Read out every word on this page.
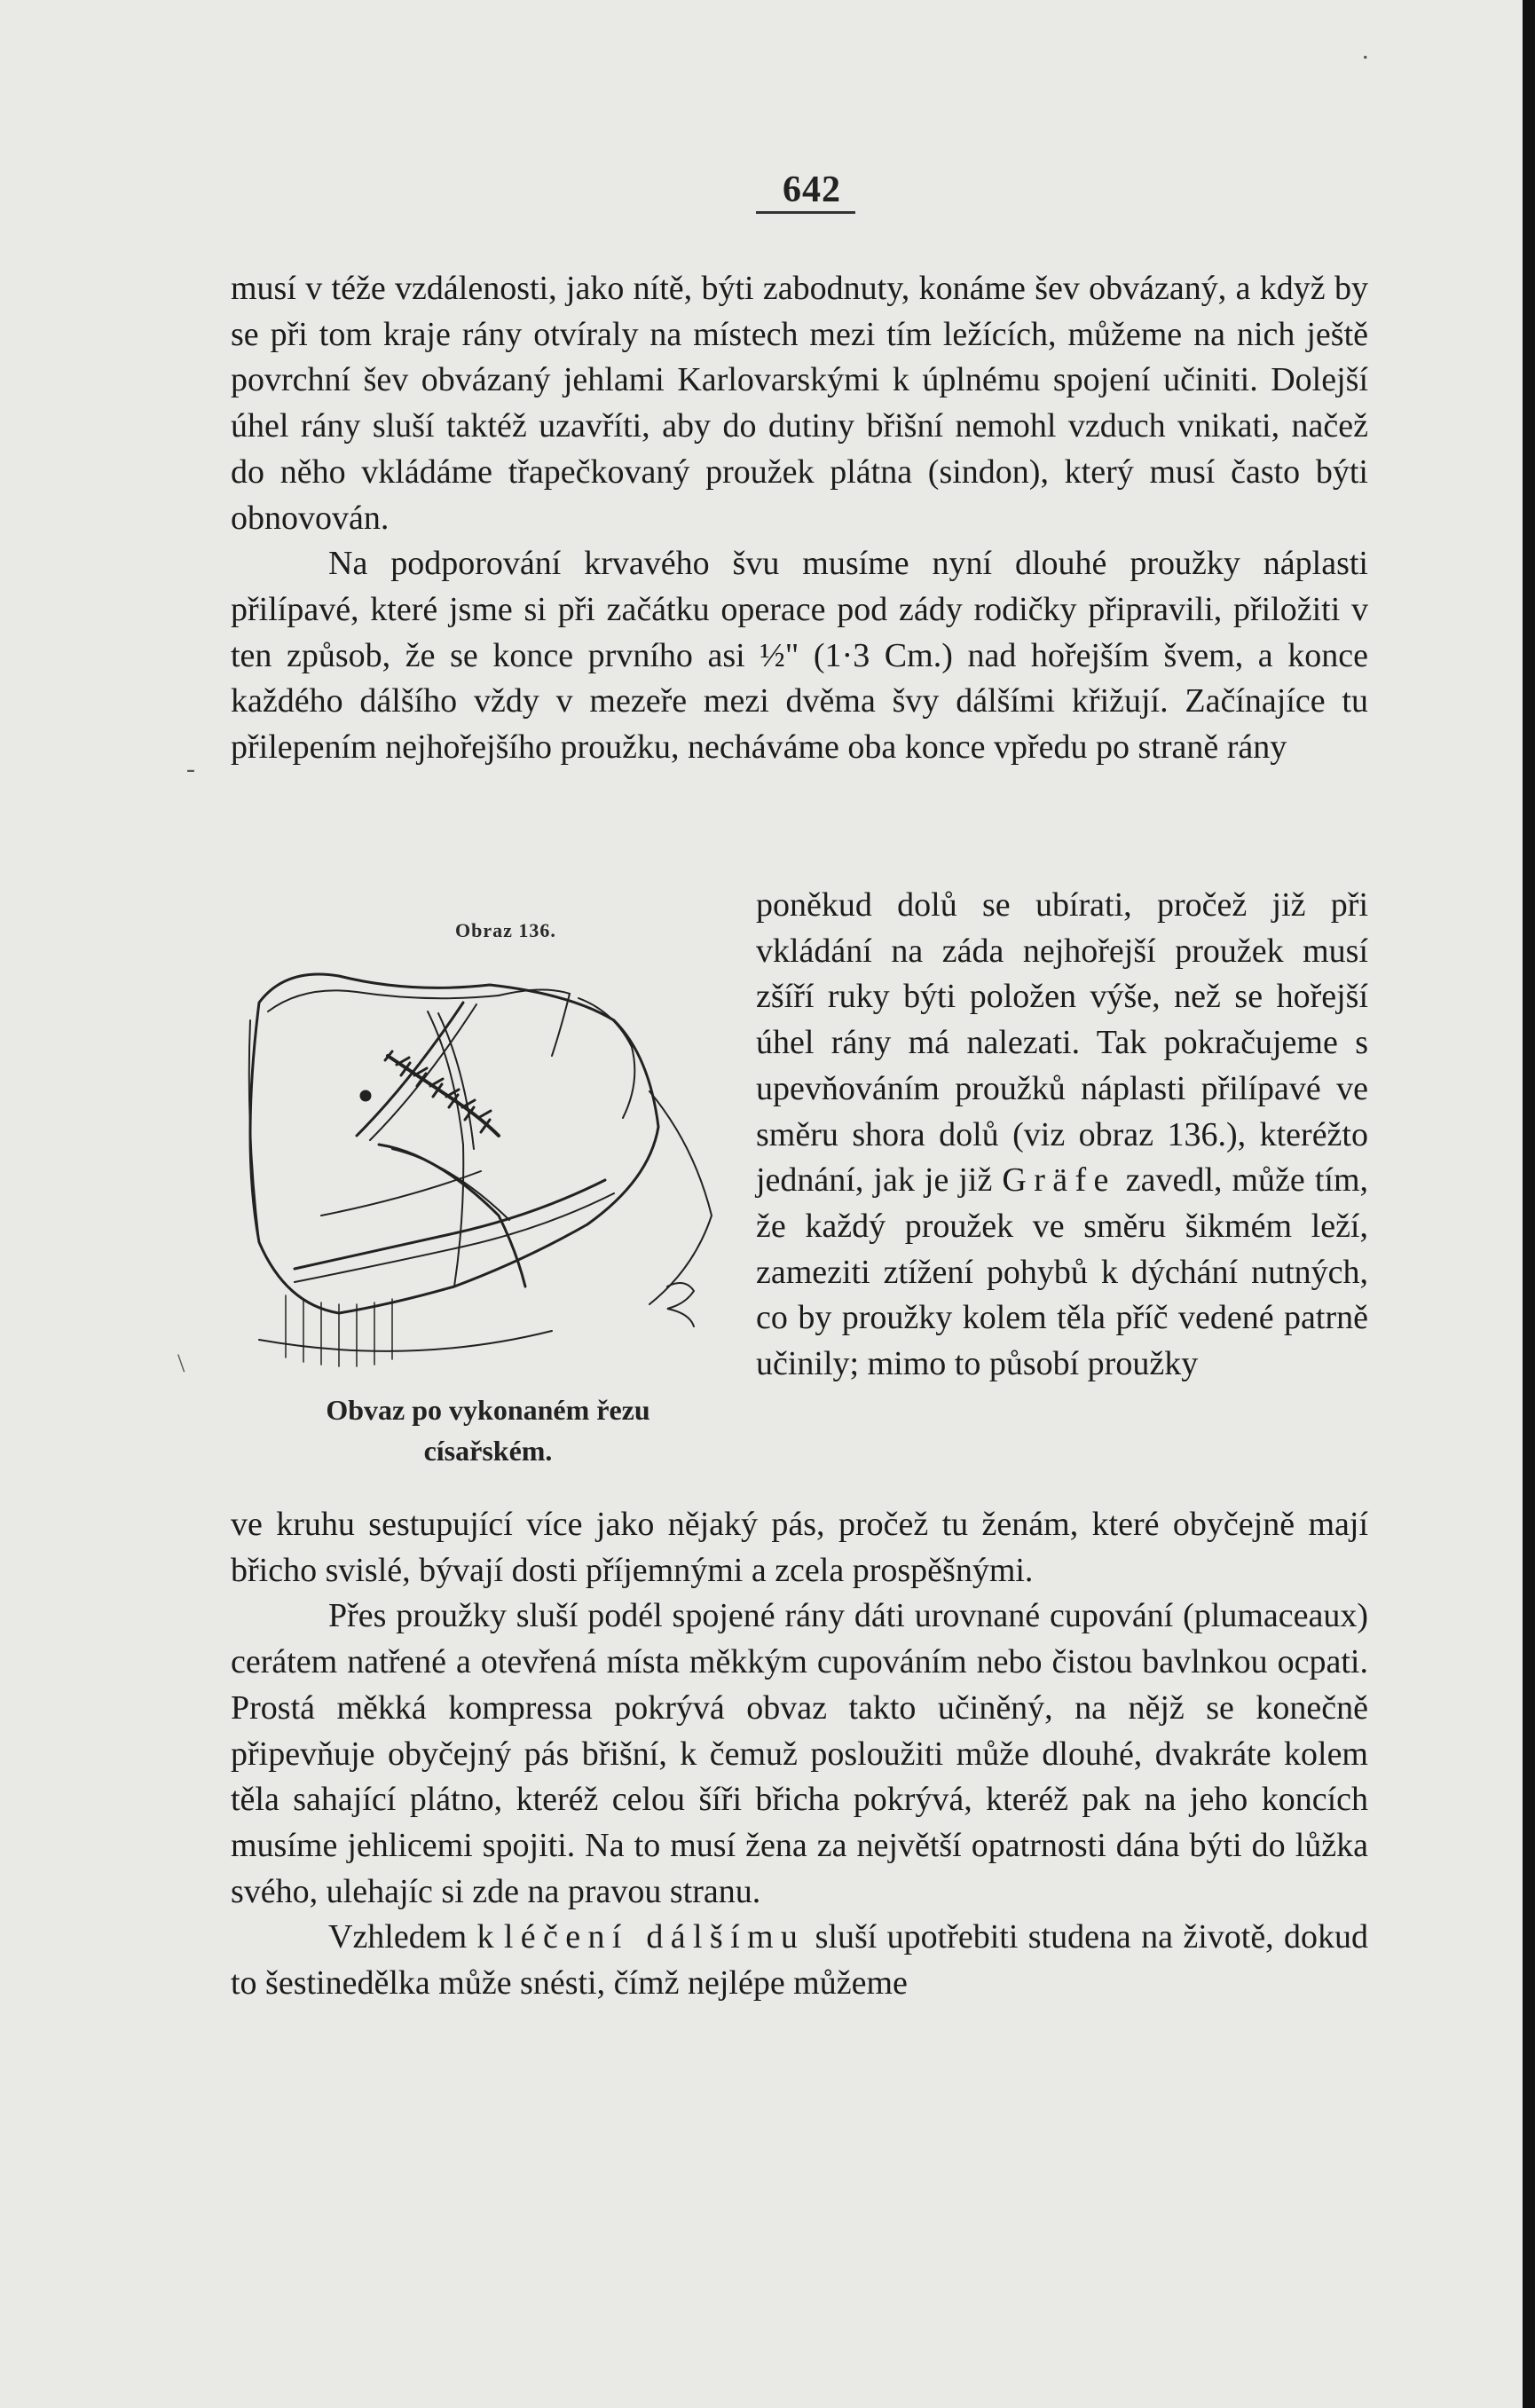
642

musí v téže vzdálenosti, jako nítě, býti zabodnuty, konáme šev obvázaný, a když by se při tom kraje rány otvíraly na místech mezi tím ležících, můžeme na nich ještě povrchní šev obvázaný jehlami Karlovarskými k úplnému spojení učiniti. Dolejší úhel rány sluší taktéž uzavříti, aby do dutiny břišní nemohl vzduch vnikati, načež do něho vkládáme třapečkovaný proužek plátna (sindon), který musí často býti obnovován.

Na podporování krvavého švu musíme nyní dlouhé proužky náplasti přilípavé, které jsme si při začátku operace pod zády rodičky připravili, přiložiti v ten způsob, že se konce prvního asi ½" (1·3 Cm.) nad hořejším švem, a konce každého dálšího vždy v mezeře mezi dvěma švy dálšími křižují. Začínajíce tu přilepením nejhořejšího proužku, necháváme oba konce vpředu po straně rány

Obraz 136.
Obvaz po vykonaném řezu
císařském.
poněkud dolů se ubírati, pročež již při vkládání na záda nejhořejší proužek musí zšíří ruky býti položen výše, než se hořejší úhel rány má nalezati. Tak pokračujeme s upevňováním proužků náplasti přilípavé ve směru shora dolů (viz obraz 136.), kteréžto jednání, jak je již Gräfe zavedl, může tím, že každý proužek ve směru šikmém leží, zameziti ztížení pohybů k dýchání nutných, co by proužky kolem těla příč vedené patrně učinily; mimo to působí proužky

ve kruhu sestupující více jako nějaký pás, pročež tu ženám, které obyčejně mají břicho svislé, bývají dosti příjemnými a zcela prospěšnými.

Přes proužky sluší podél spojené rány dáti urovnané cupování (plumaceaux) cerátem natřené a otevřená místa měkkým cupováním nebo čistou bavlnkou ocpati. Prostá měkká kompressa pokrývá obvaz takto učiněný, na nějž se konečně připevňuje obyčejný pás břišní, k čemuž posloužiti může dlouhé, dvakráte kolem těla sahající plátno, kteréž celou šíři břicha pokrývá, kteréž pak na jeho koncích musíme jehlicemi spojiti. Na to musí žena za největší opatrnosti dána býti do lůžka svého, ulehajíc si zde na pravou stranu.

Vzhledem k léčení dálšímu sluší upotřebiti studena na životě, dokud to šestinedělka může snésti, čímž nejlépe můžeme

.
-
\
